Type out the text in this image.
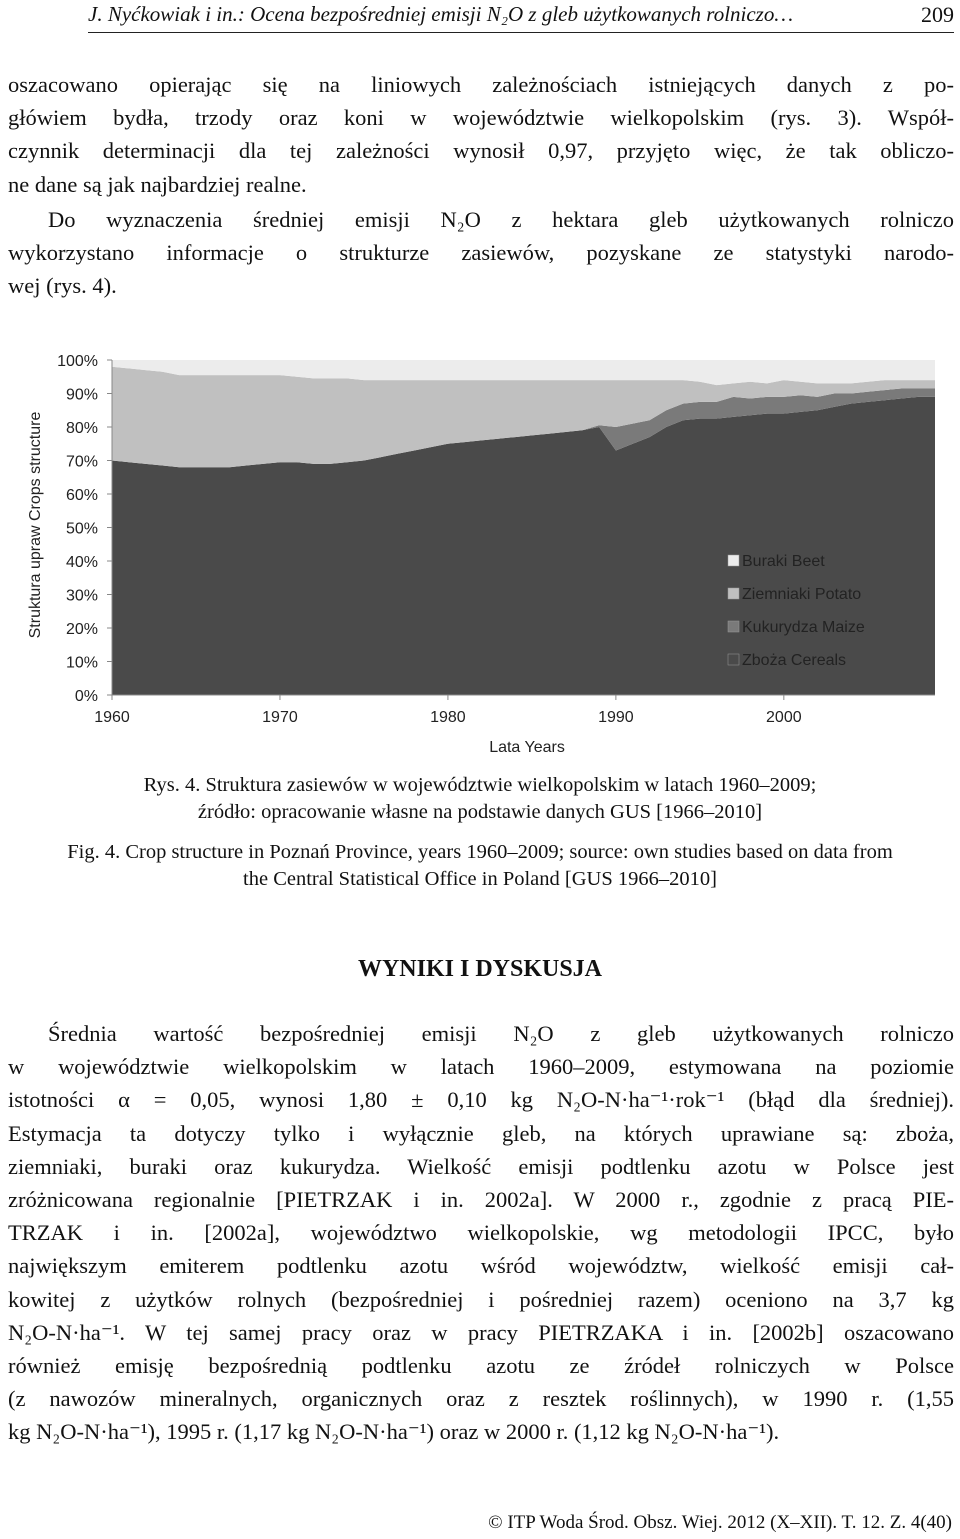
J. Nyćkowiak i in.: Ocena bezpośredniej emisji N₂O z gleb użytkowanych rolniczo…	209
oszacowano opierając się na liniowych zależnościach istniejących danych z po-
główiem bydła, trzody oraz koni w województwie wielkopolskim (rys. 3). Współ-
czynnik determinacji dla tej zależności wynosił 0,97, przyjęto więc, że tak obliczo-
ne dane są jak najbardziej realne.
Do wyznaczenia średniej emisji N₂O z hektara gleb użytkowanych rolniczo
wykorzystano informacje o strukturze zasiewów, pozyskane ze statystyki narodo-
wej (rys. 4).
0%
10%
20%
30%
40%
50%
60%
70%
80%
90%
100%
1960	1970	1980	1990	2000
Lata Years
Struktura upraw Crops structure	Buraki Beet
Ziemniaki Potato
Kukurydza Maize
Zboża Cereals
Rys. 4. Struktura zasiewów w województwie wielkopolskim w latach 1960–2009;
źródło: opracowanie własne na podstawie danych GUS [1966–2010]
Fig. 4. Crop structure in Poznań Province, years 1960–2009; source: own studies based on data from
the Central Statistical Office in Poland [GUS 1966–2010]
WYNIKI I DYSKUSJA
Średnia wartość bezpośredniej emisji N₂O z gleb użytkowanych rolniczo
w województwie wielkopolskim w latach 1960–2009, estymowana na poziomie
istotności α = 0,05, wynosi 1,80 ± 0,10 kg N₂O-N·ha⁻¹·rok⁻¹ (błąd dla średniej).
Estymacja ta dotyczy tylko i wyłącznie gleb, na których uprawiane są: zboża,
ziemniaki, buraki oraz kukurydza. Wielkość emisji podtlenku azotu w Polsce jest
zróżnicowana regionalnie [PIETRZAK i in. 2002a]. W 2000 r., zgodnie z pracą PIE-
TRZAK i in. [2002a], województwo wielkopolskie, wg metodologii IPCC, było
największym emiterem podtlenku azotu wśród województw, wielkość emisji cał-
kowitej z użytków rolnych (bezpośredniej i pośredniej razem) oceniono na 3,7 kg
N₂O-N·ha⁻¹. W tej samej pracy oraz w pracy PIETRZAKA i in. [2002b] oszacowano
również emisję bezpośrednią podtlenku azotu ze źródeł rolniczych w Polsce
(z nawozów mineralnych, organicznych oraz z resztek roślinnych), w 1990 r. (1,55
kg N₂O-N·ha⁻¹), 1995 r. (1,17 kg N₂O-N·ha⁻¹) oraz w 2000 r. (1,12 kg N₂O-N·ha⁻¹).
© ITP Woda Środ. Obsz. Wiej. 2012 (X–XII). T. 12. Z. 4(40)
